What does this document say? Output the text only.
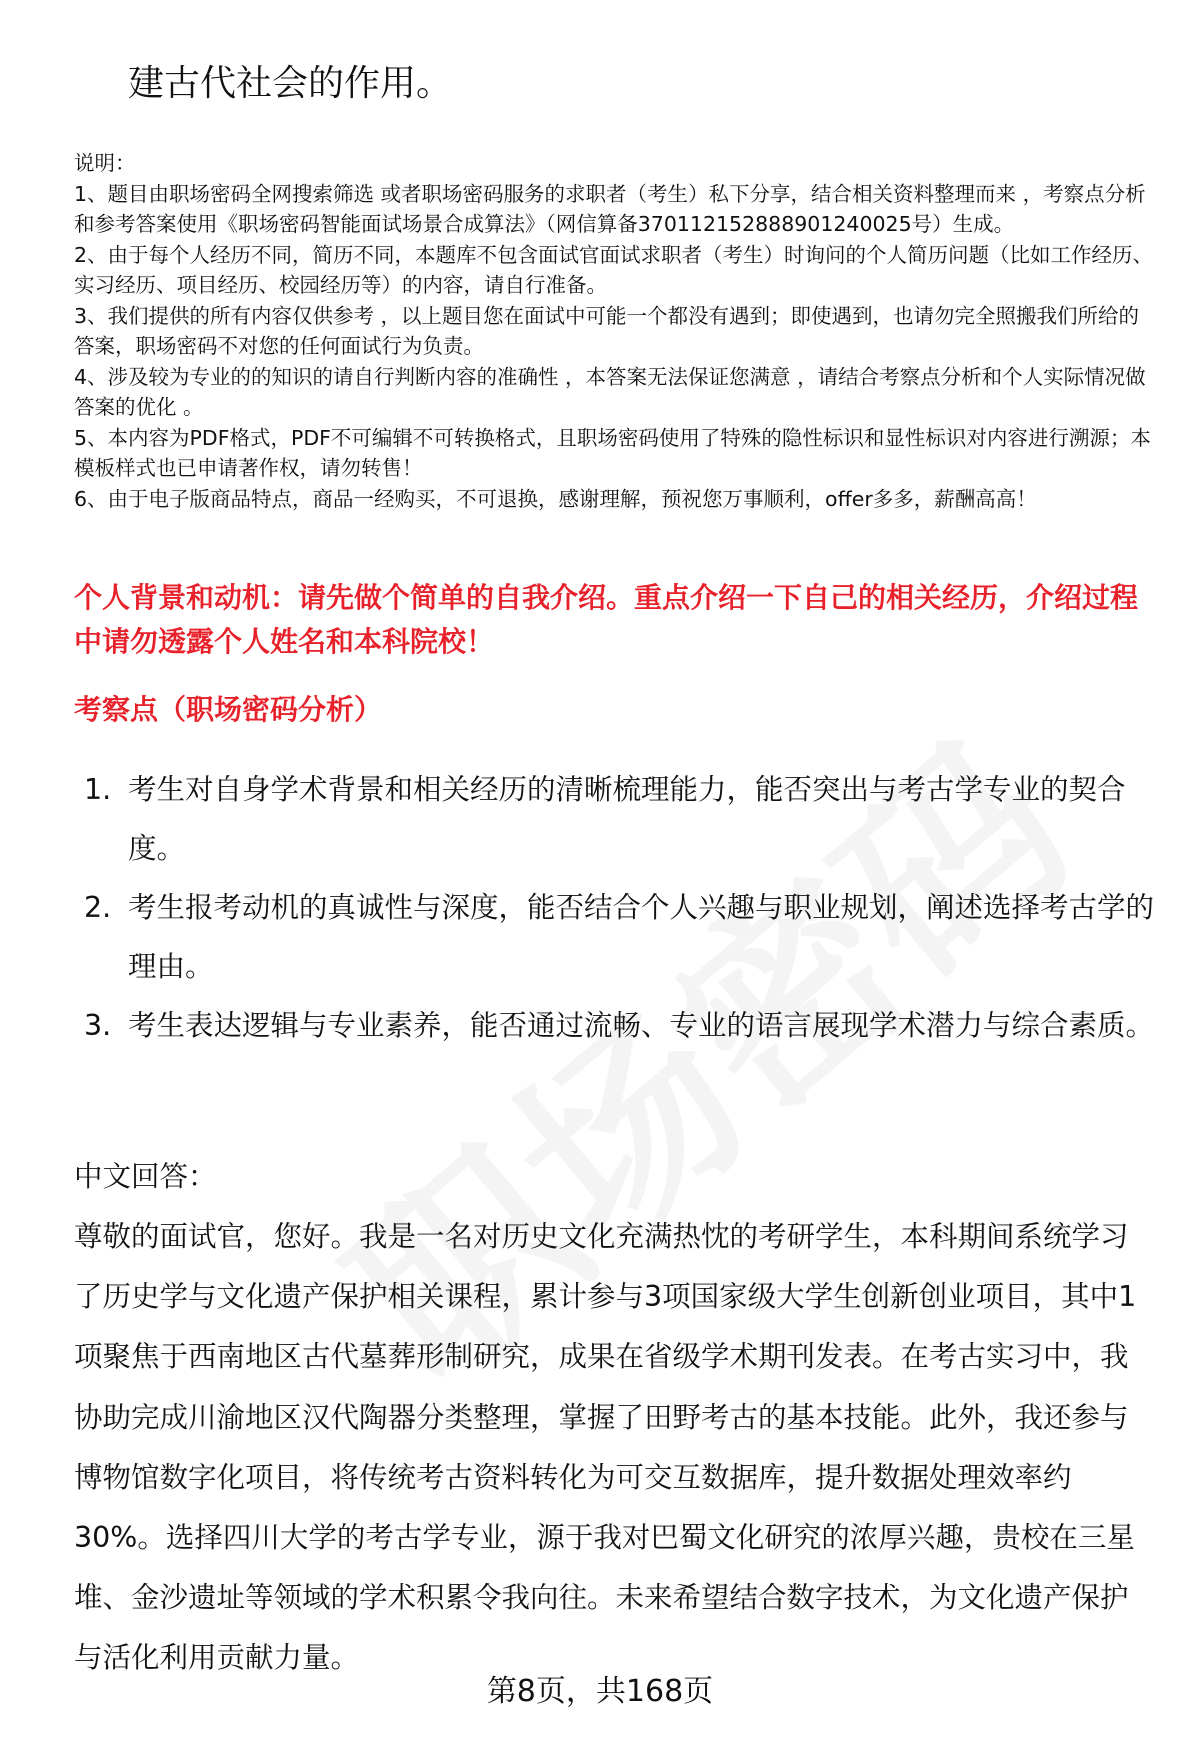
建古代社会的作用。

说明：

1、题目由职场密码全网搜索筛选 或者职场密码服务的求职者（考生）私下分享，结合相关资料整理而来 ，考察点分析和参考答案使用《职场密码智能面试场景合成算法》（网信算备370112152888901240025号）生成。

2、由于每个人经历不同，简历不同，本题库不包含面试官面试求职者（考生）时询问的个人简历问题（比如工作经历、实习经历、项目经历、校园经历等）的内容，请自行准备。

3、我们提供的所有内容仅供参考 ，以上题目您在面试中可能一个都没有遇到；即使遇到，也请勿完全照搬我们所给的答案，职场密码不对您的任何面试行为负责。

4、涉及较为专业的的知识的请自行判断内容的准确性 ，本答案无法保证您满意 ，请结合考察点分析和个人实际情况做答案的优化 。

5、本内容为PDF格式，PDF不可编辑不可转换格式，且职场密码使用了特殊的隐性标识和显性标识对内容进行溯源；本模板样式也已申请著作权，请勿转售！

6、由于电子版商品特点，商品一经购买，不可退换，感谢理解，预祝您万事顺利，offer多多，薪酬高高！

个人背景和动机：请先做个简单的自我介绍。重点介绍一下自己的相关经历，介绍过程中请勿透露个人姓名和本科院校！

考察点（职场密码分析）

1. 考生对自身学术背景和相关经历的清晰梳理能力，能否突出与考古学专业的契合度。
2. 考生报考动机的真诚性与深度，能否结合个人兴趣与职业规划，阐述选择考古学的理由。
3. 考生表达逻辑与专业素养，能否通过流畅、专业的语言展现学术潜力与综合素质。

中文回答：

尊敬的面试官，您好。我是一名对历史文化充满热忱的考研学生，本科期间系统学习了历史学与文化遗产保护相关课程，累计参与3项国家级大学生创新创业项目，其中1项聚焦于西南地区古代墓葬形制研究，成果在省级学术期刊发表。在考古实习中，我协助完成川渝地区汉代陶器分类整理，掌握了田野考古的基本技能。此外，我还参与博物馆数字化项目，将传统考古资料转化为可交互数据库，提升数据处理效率约30%。选择四川大学的考古学专业，源于我对巴蜀文化研究的浓厚兴趣，贵校在三星堆、金沙遗址等领域的学术积累令我向往。未来希望结合数字技术，为文化遗产保护与活化利用贡献力量。

第8页，共168页
